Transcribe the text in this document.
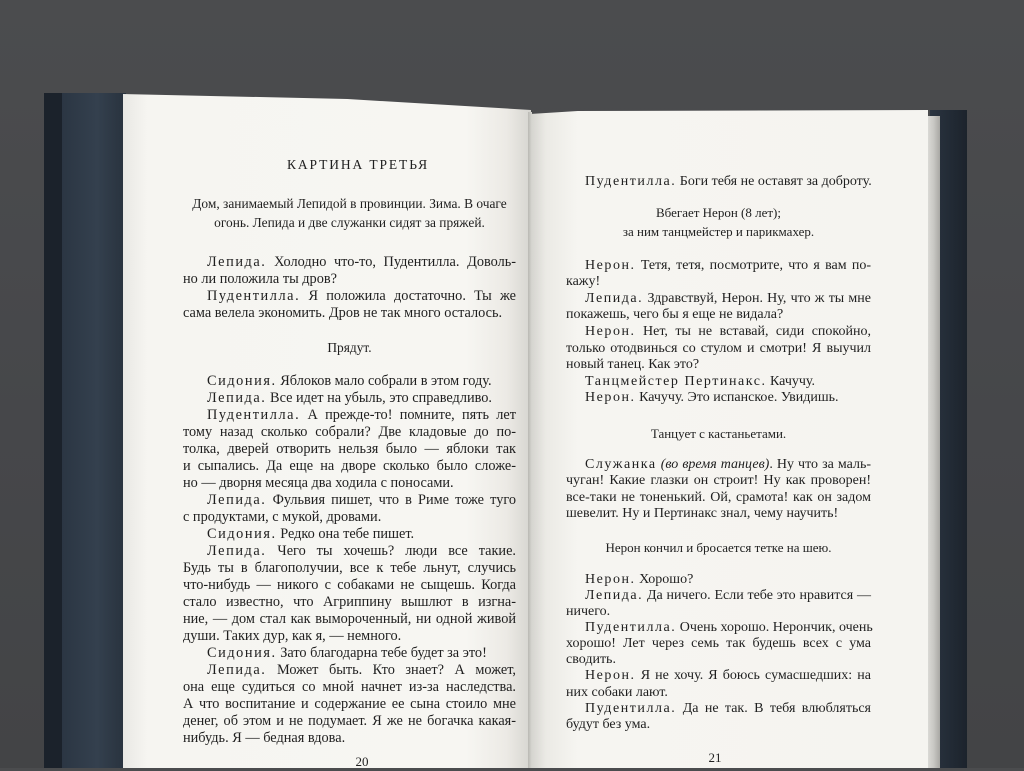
КАРТИНА ТРЕТЬЯ
Дом, занимаемый Лепидой в провинции. Зима. В очаге
огонь. Лепида и две служанки сидят за пряжей.
Лепида. Холодно что-то, Пудентилла. Доволь-
но ли положила ты дров?
Пудентилла. Я положила достаточно. Ты же
сама велела экономить. Дров не так много осталось.
Прядут.
Сидония. Яблоков мало собрали в этом году.
Лепида. Все идет на убыль, это справедливо.
Пудентилла. А прежде-то! помните, пять лет
тому назад сколько собрали? Две кладовые до по-
толка, дверей отворить нельзя было — яблоки так
и сыпались. Да еще на дворе сколько было сложе-
но — дворня месяца два ходила с поносами.
Лепида. Фульвия пишет, что в Риме тоже туго
с продуктами, с мукой, дровами.
Сидония. Редко она тебе пишет.
Лепида. Чего ты хочешь? люди все такие.
Будь ты в благополучии, все к тебе льнут, случись
что-нибудь — никого с собаками не сыщешь. Когда
стало известно, что Агриппину вышлют в изгна-
ние, — дом стал как вымороченный, ни одной живой
души. Таких дур, как я, — немного.
Сидония. Зато благодарна тебе будет за это!
Лепида. Может быть. Кто знает? А может,
она еще судиться со мной начнет из-за наследства.
А что воспитание и содержание ее сына стоило мне
денег, об этом и не подумает. Я же не богачка какая-
нибудь. Я — бедная вдова.
20
Пудентилла. Боги тебя не оставят за доброту.
Вбегает Нерон (8 лет);
за ним танцмейстер и парикмахер.
Нерон. Тетя, тетя, посмотрите, что я вам по-
кажу!
Лепида. Здравствуй, Нерон. Ну, что ж ты мне
покажешь, чего бы я еще не видала?
Нерон. Нет, ты не вставай, сиди спокойно,
только отодвинься со стулом и смотри! Я выучил
новый танец. Как это?
Танцмейстер Пертинакс. Качучу.
Нерон. Качучу. Это испанское. Увидишь.
Танцует с кастаньетами.
Служанка (во время танцев). Ну что за маль-
чуган! Какие глазки он строит! Ну как проворен!
все-таки не тоненький. Ой, срамота! как он задом
шевелит. Ну и Пертинакс знал, чему научить!
Нерон кончил и бросается тетке на шею.
Нерон. Хорошо?
Лепида. Да ничего. Если тебе это нравится —
ничего.
Пудентилла. Очень хорошо. Нерончик, очень
хорошо! Лет через семь так будешь всех с ума
сводить.
Нерон. Я не хочу. Я боюсь сумасшедших: на
них собаки лают.
Пудентилла. Да не так. В тебя влюбляться
будут без ума.
21
